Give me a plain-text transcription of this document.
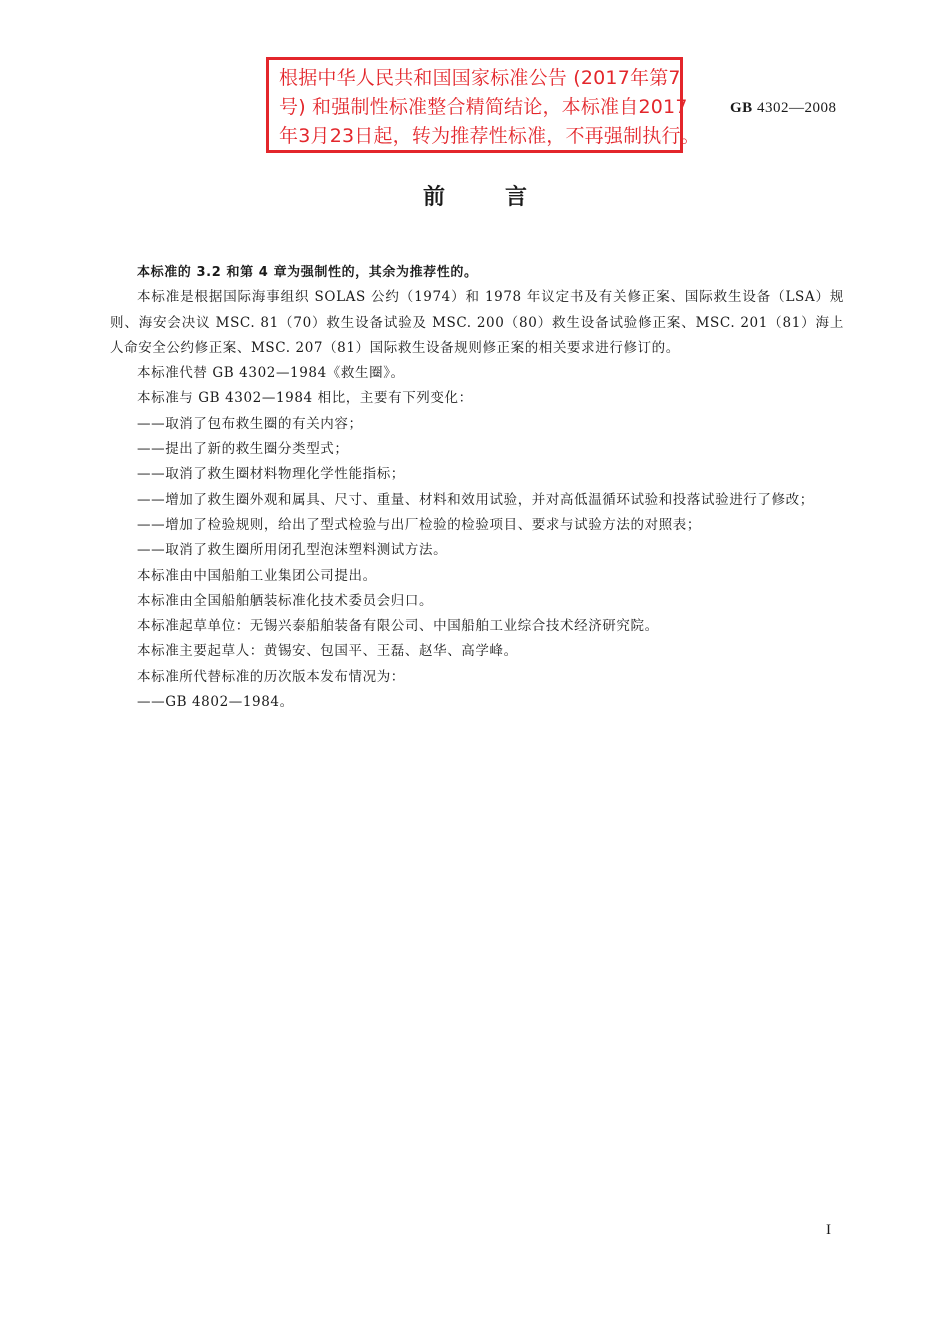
根据中华人民共和国国家标准公告 (2017年第7
号) 和强制性标准整合精简结论，本标准自2017
年3月23日起，转为推荐性标准，不再强制执行。
GB 4302—2008
前言

本标准的 3.2 和第 4 章为强制性的，其余为推荐性的。

本标准是根据国际海事组织 SOLAS 公约（1974）和 1978 年议定书及有关修正案、国际救生设备（LSA）规则、海安会决议 MSC. 81（70）救生设备试验及 MSC. 200（80）救生设备试验修正案、MSC. 201（81）海上人命安全公约修正案、MSC. 207（81）国际救生设备规则修正案的相关要求进行修订的。

本标准代替 GB 4302—1984《救生圈》。

本标准与 GB 4302—1984 相比，主要有下列变化：

——取消了包布救生圈的有关内容；

——提出了新的救生圈分类型式；

——取消了救生圈材料物理化学性能指标；

——增加了救生圈外观和属具、尺寸、重量、材料和效用试验，并对高低温循环试验和投落试验进行了修改；

——增加了检验规则，给出了型式检验与出厂检验的检验项目、要求与试验方法的对照表；

——取消了救生圈所用闭孔型泡沫塑料测试方法。

本标准由中国船舶工业集团公司提出。

本标准由全国船舶舾装标准化技术委员会归口。

本标准起草单位：无锡兴泰船舶装备有限公司、中国船舶工业综合技术经济研究院。

本标准主要起草人：黄锡安、包国平、王磊、赵华、高学峰。

本标准所代替标准的历次版本发布情况为：

——GB 4802—1984。

I
